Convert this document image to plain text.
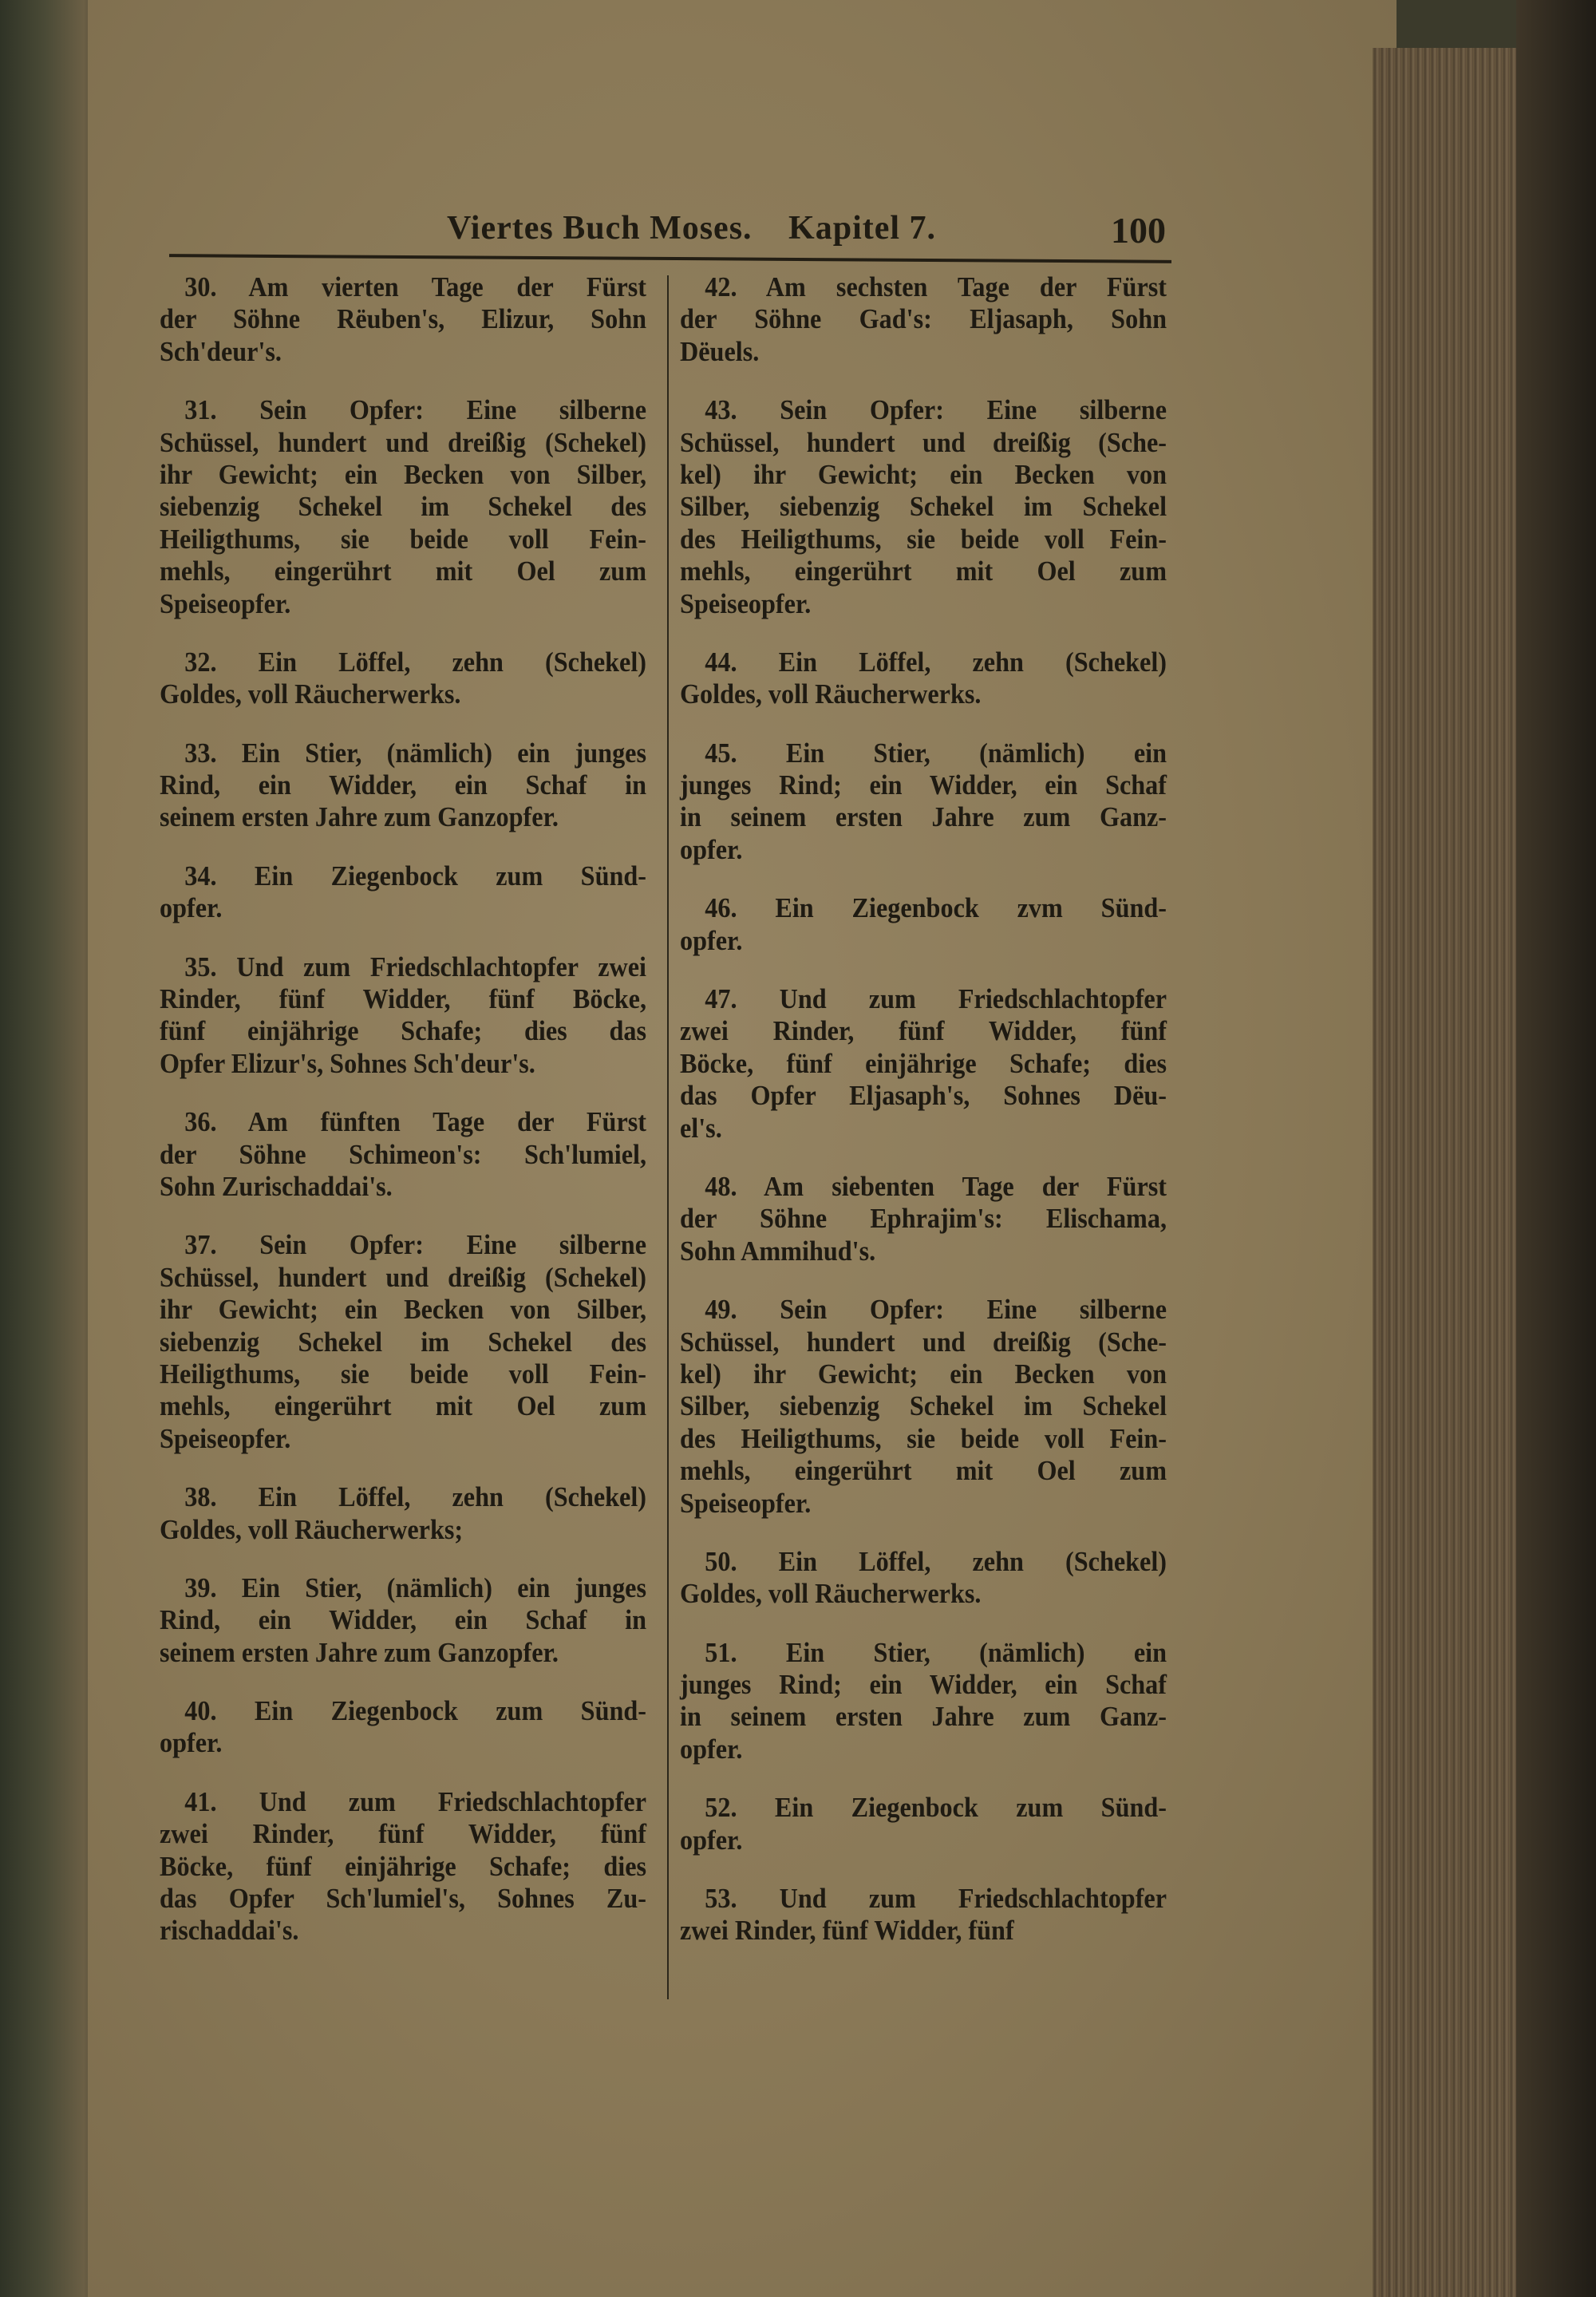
Viertes Buch Moses. Kapitel 7.	100
30. Am vierten Tage der Fürst
der Söhne Rëuben's, Elizur, Sohn
Sch'deur's.
31. Sein Opfer: Eine silberne
Schüssel, hundert und dreißig (Schekel)
ihr Gewicht; ein Becken von Silber,
siebenzig Schekel im Schekel des
Heiligthums, sie beide voll Fein-
mehls, eingerührt mit Oel zum
Speiseopfer.
32. Ein Löffel, zehn (Schekel)
Goldes, voll Räucherwerks.
33. Ein Stier, (nämlich) ein junges
Rind, ein Widder, ein Schaf in
seinem ersten Jahre zum Ganzopfer.
34. Ein Ziegenbock zum Sünd-
opfer.
35. Und zum Friedschlachtopfer zwei
Rinder, fünf Widder, fünf Böcke,
fünf einjährige Schafe; dies das
Opfer Elizur's, Sohnes Sch'deur's.
36. Am fünften Tage der Fürst
der Söhne Schimeon's: Sch'lumiel,
Sohn Zurischaddai's.
37. Sein Opfer: Eine silberne
Schüssel, hundert und dreißig (Schekel)
ihr Gewicht; ein Becken von Silber,
siebenzig Schekel im Schekel des
Heiligthums, sie beide voll Fein-
mehls, eingerührt mit Oel zum
Speiseopfer.
38. Ein Löffel, zehn (Schekel)
Goldes, voll Räucherwerks;
39. Ein Stier, (nämlich) ein junges
Rind, ein Widder, ein Schaf in
seinem ersten Jahre zum Ganzopfer.
40. Ein Ziegenbock zum Sünd-
opfer.
41. Und zum Friedschlachtopfer
zwei Rinder, fünf Widder, fünf
Böcke, fünf einjährige Schafe; dies
das Opfer Sch'lumiel's, Sohnes Zu-
rischaddai's.
42. Am sechsten Tage der Fürst
der Söhne Gad's: Eljasaph, Sohn
Dëuels.
43. Sein Opfer: Eine silberne
Schüssel, hundert und dreißig (Sche-
kel) ihr Gewicht; ein Becken von
Silber, siebenzig Schekel im Schekel
des Heiligthums, sie beide voll Fein-
mehls, eingerührt mit Oel zum
Speiseopfer.
44. Ein Löffel, zehn (Schekel)
Goldes, voll Räucherwerks.
45. Ein Stier, (nämlich) ein
junges Rind; ein Widder, ein Schaf
in seinem ersten Jahre zum Ganz-
opfer.
46. Ein Ziegenbock zvm Sünd-
opfer.
47. Und zum Friedschlachtopfer
zwei Rinder, fünf Widder, fünf
Böcke, fünf einjährige Schafe; dies
das Opfer Eljasaph's, Sohnes Dëu-
el's.
48. Am siebenten Tage der Fürst
der Söhne Ephrajim's: Elischama,
Sohn Ammihud's.
49. Sein Opfer: Eine silberne
Schüssel, hundert und dreißig (Sche-
kel) ihr Gewicht; ein Becken von
Silber, siebenzig Schekel im Schekel
des Heiligthums, sie beide voll Fein-
mehls, eingerührt mit Oel zum
Speiseopfer.
50. Ein Löffel, zehn (Schekel)
Goldes, voll Räucherwerks.
51. Ein Stier, (nämlich) ein
junges Rind; ein Widder, ein Schaf
in seinem ersten Jahre zum Ganz-
opfer.
52. Ein Ziegenbock zum Sünd-
opfer.
53. Und zum Friedschlachtopfer
zwei Rinder, fünf Widder, fünf
